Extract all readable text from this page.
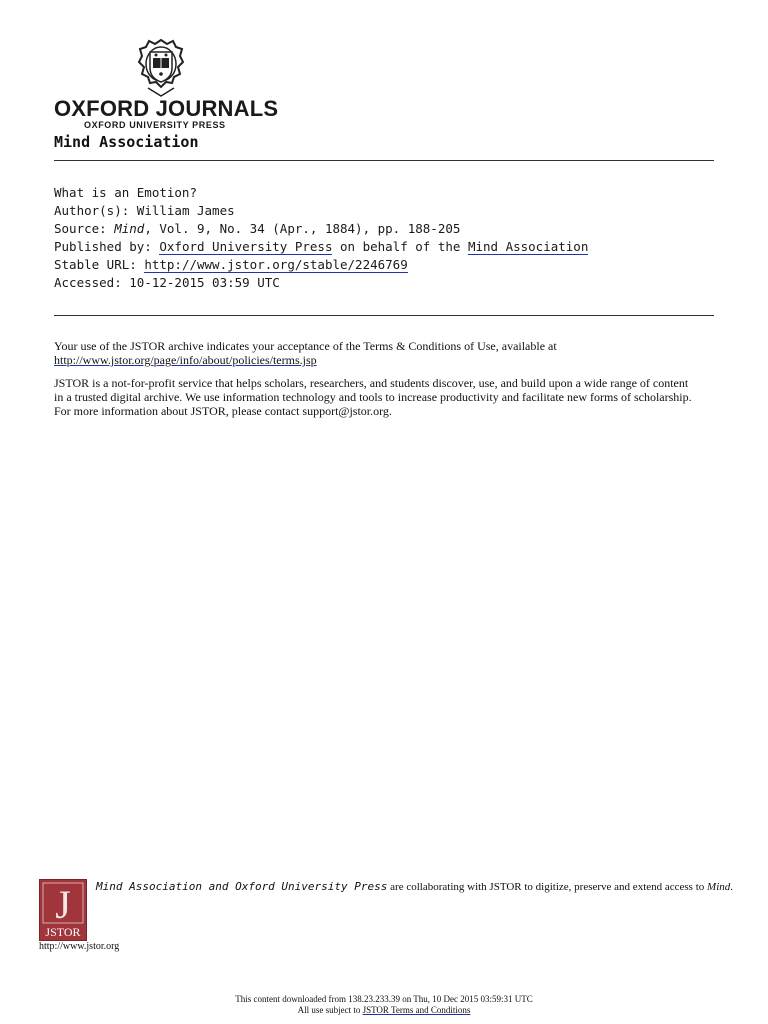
OXFORD JOURNALS
OXFORD UNIVERSITY PRESS
Mind Association
What is an Emotion?
Author(s): William James
Source: Mind, Vol. 9, No. 34 (Apr., 1884), pp. 188-205
Published by: Oxford University Press on behalf of the Mind Association
Stable URL: http://www.jstor.org/stable/2246769
Accessed: 10-12-2015 03:59 UTC

Your use of the JSTOR archive indicates your acceptance of the Terms & Conditions of Use, available at http://www.jstor.org/page/info/about/policies/terms.jsp

JSTOR is a not-for-profit service that helps scholars, researchers, and students discover, use, and build upon a wide range of content
in a trusted digital archive. We use information technology and tools to increase productivity and facilitate new forms of scholarship.
For more information about JSTOR, please contact support@jstor.org.

J
JSTOR
http://www.jstor.org
Mind Association and Oxford University Press are collaborating with JSTOR to digitize, preserve and extend access to Mind.
This content downloaded from 138.23.233.39 on Thu, 10 Dec 2015 03:59:31 UTC
All use subject to JSTOR Terms and Conditions
